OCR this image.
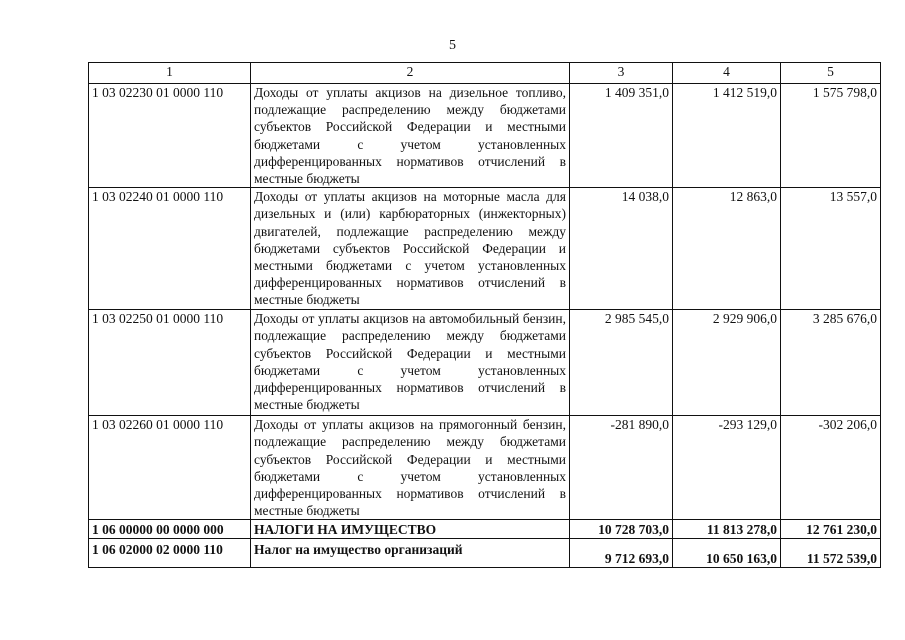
5
1	2	3	4	5
1 03 02230 01 0000 110	Доходы от уплаты акцизов на дизельное топливо, подлежащие распределению между бюджетами субъектов Российской Федерации и местными бюджетами с учетом установленных дифференцированных нормативов отчислений в местные бюджеты	1 409 351,0	1 412 519,0	1 575 798,0
1 03 02240 01 0000 110	Доходы от уплаты акцизов на моторные масла для дизельных и (или) карбюраторных (инжекторных) двигателей, подлежащие распределению между бюджетами субъектов Российской Федерации и местными бюджетами с учетом установленных дифференцированных нормативов отчислений в местные бюджеты	14 038,0	12 863,0	13 557,0
1 03 02250 01 0000 110	Доходы от уплаты акцизов на автомобильный бензин, подлежащие распределению между бюджетами субъектов Российской Федерации и местными бюджетами с учетом установленных дифференцированных нормативов отчислений в местные бюджеты	2 985 545,0	2 929 906,0	3 285 676,0
1 03 02260 01 0000 110	Доходы от уплаты акцизов на прямогонный бензин, подлежащие распределению между бюджетами субъектов Российской Федерации и местными бюджетами с учетом установленных дифференцированных нормативов отчислений в местные бюджеты	-281 890,0	-293 129,0	-302 206,0
1 06 00000 00 0000 000	НАЛОГИ НА ИМУЩЕСТВО	10 728 703,0	11 813 278,0	12 761 230,0
1 06 02000 02 0000 110	Налог на имущество организаций	9 712 693,0	10 650 163,0	11 572 539,0
